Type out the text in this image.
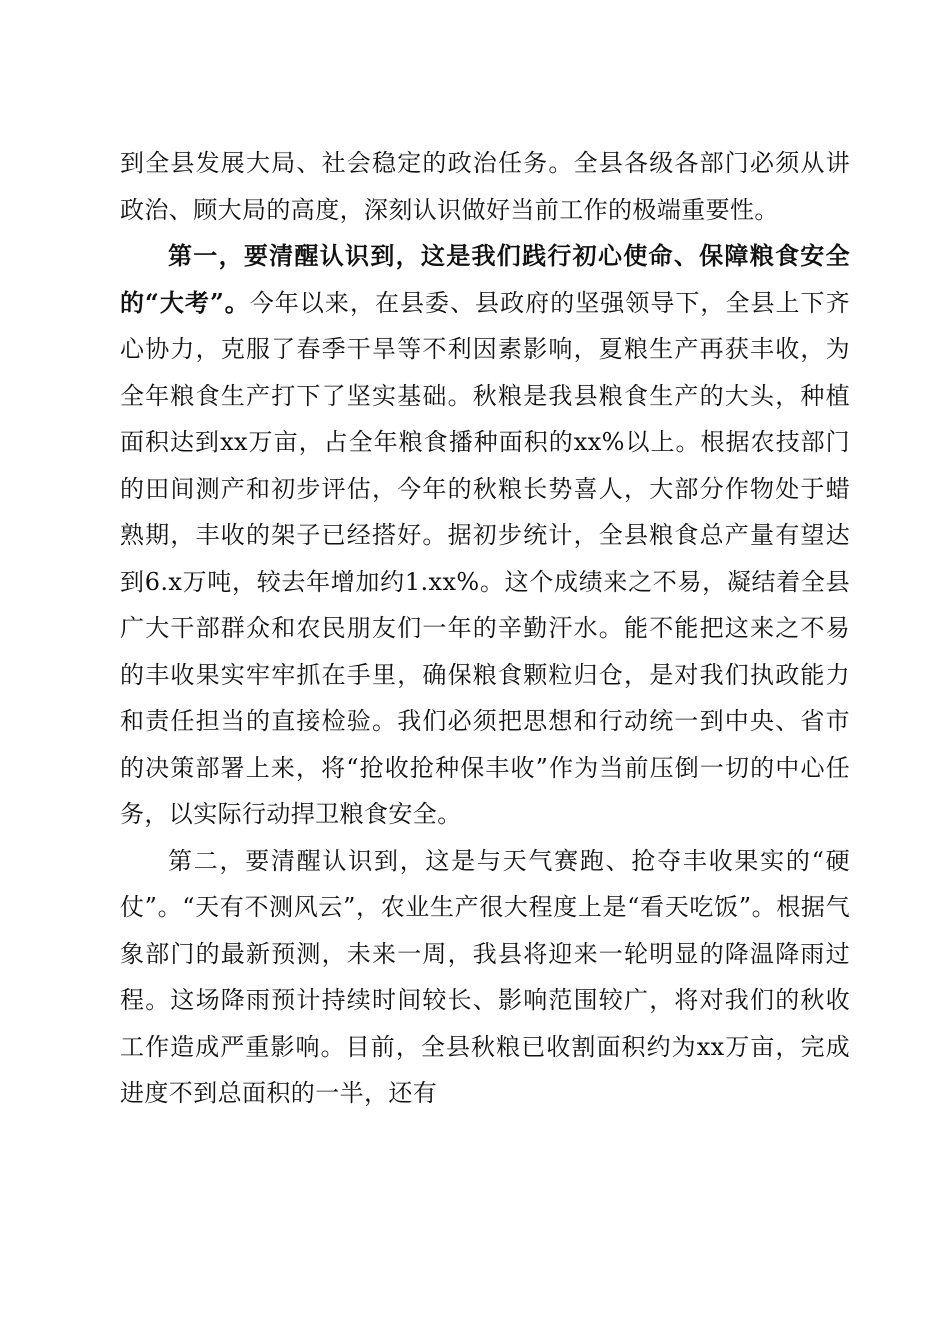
到全县发展大局、社会稳定的政治任务。全县各级各部门必须从讲政治、顾大局的高度，深刻认识做好当前工作的极端重要性。

第一，要清醒认识到，这是我们践行初心使命、保障粮食安全的“大考”。今年以来，在县委、县政府的坚强领导下，全县上下齐心协力，克服了春季干旱等不利因素影响，夏粮生产再获丰收，为全年粮食生产打下了坚实基础。秋粮是我县粮食生产的大头，种植面积达到xx万亩，占全年粮食播种面积的xx%以上。根据农技部门的田间测产和初步评估，今年的秋粮长势喜人，大部分作物处于蜡熟期，丰收的架子已经搭好。据初步统计，全县粮食总产量有望达到6.x万吨，较去年增加约1.xx%。这个成绩来之不易，凝结着全县广大干部群众和农民朋友们一年的辛勤汗水。能不能把这来之不易的丰收果实牢牢抓在手里，确保粮食颗粒归仓，是对我们执政能力和责任担当的直接检验。我们必须把思想和行动统一到中央、省市的决策部署上来，将“抢收抢种保丰收”作为当前压倒一切的中心任务，以实际行动捍卫粮食安全。

第二，要清醒认识到，这是与天气赛跑、抢夺丰收果实的“硬仗”。“天有不测风云”，农业生产很大程度上是“看天吃饭”。根据气象部门的最新预测，未来一周，我县将迎来一轮明显的降温降雨过程。这场降雨预计持续时间较长、影响范围较广，将对我们的秋收工作造成严重影响。目前，全县秋粮已收割面积约为xx万亩，完成进度不到总面积的一半，还有
